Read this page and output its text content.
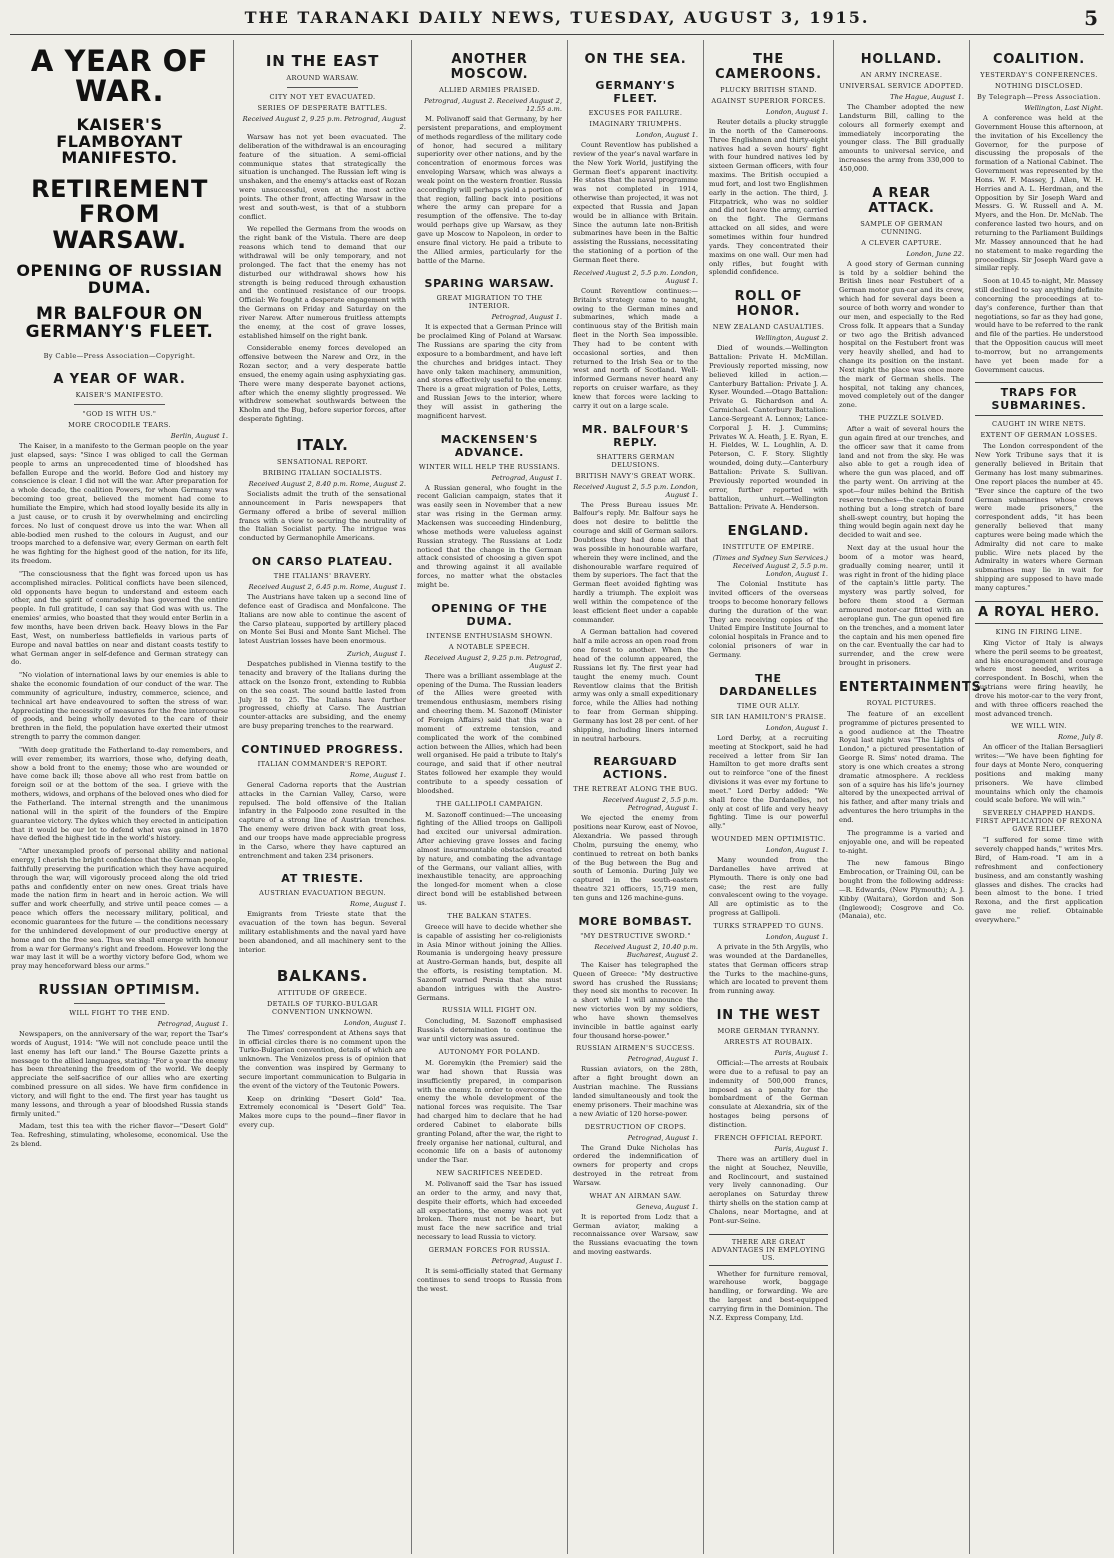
THE TARANAKI DAILY NEWS, TUESDAY, AUGUST 3, 1915.	5
A YEAR OF WAR.
KAISER'S FLAMBOYANT MANIFESTO.
RETIREMENT FROM WARSAW.
OPENING OF RUSSIAN DUMA.
MR BALFOUR ON GERMANY'S FLEET.
By Cable—Press Association—Copyright.
A YEAR OF WAR.
KAISER'S MANIFESTO.
"GOD IS WITH US."
MORE CROCODILE TEARS.
Berlin, August 1.

The Kaiser, in a manifesto to the German people on the year just elapsed, says: "Since I was obliged to call the German people to arms an unprecedented time of bloodshed has befallen Europe and the world. Before God and history my conscience is clear. I did not will the war. After preparation for a whole decade, the coalition Powers, for whom Germany was becoming too great, believed the moment had come to humiliate the Empire, which had stood loyally beside its ally in a just cause, or to crush it by overwhelming and encircling forces. No lust of conquest drove us into the war. When all able-bodied men rushed to the colours in August, and our troops marched to a defensive war, every German on earth felt he was fighting for the highest good of the nation, for its life, its freedom.

"The consciousness that the fight was forced upon us has accomplished miracles. Political conflicts have been silenced, old opponents have begun to understand and esteem each other, and the spirit of comradeship has governed the entire people. In full gratitude, I can say that God was with us. The enemies' armies, who boasted that they would enter Berlin in a few months, have been driven back. Heavy blows in the Far East, West, on numberless battlefields in various parts of Europe and naval battles on near and distant coasts testify to what German anger in self-defence and German strategy can do.

"No violation of international laws by our enemies is able to shake the economic foundation of our conduct of the war. The community of agriculture, industry, commerce, science, and technical art have endeavoured to soften the stress of war. Appreciating the necessity of measures for the free intercourse of goods, and being wholly devoted to the care of their brethren in the field, the population have exerted their utmost strength to parry the common danger.

"With deep gratitude the Fatherland to-day remembers, and will ever remember, its warriors, those who, defying death, show a bold front to the enemy; those who are wounded or have come back ill; those above all who rest from battle on foreign soil or at the bottom of the sea. I grieve with the mothers, widows, and orphans of the beloved ones who died for the Fatherland. The internal strength and the unanimous national will in the spirit of the founders of the Empire guarantee victory. The dykes which they erected in anticipation that it would be our lot to defend what was gained in 1870 have defied the highest tide in the world's history.

"After unexampled proofs of personal ability and national energy, I cherish the bright confidence that the German people, faithfully preserving the purification which they have acquired through the war, will vigorously proceed along the old tried paths and confidently enter on new ones. Great trials have made the nation firm in heart and in heroic action. We will suffer and work cheerfully, and strive until peace comes — a peace which offers the necessary military, political, and economic guarantees for the future — the conditions necessary for the unhindered development of our productive energy at home and on the free sea. Thus we shall emerge with honour from a war for Germany's right and freedom. However long the war may last it will be a worthy victory before God, whom we pray may henceforward bless our arms."

RUSSIAN OPTIMISM.
WILL FIGHT TO THE END.
Petrograd, August 1.

Newspapers, on the anniversary of the war, report the Tsar's words of August, 1914: "We will not conclude peace until the last enemy has left our land." The Bourse Gazette prints a message to the allied languages, stating: "For a year the enemy has been threatening the freedom of the world. We deeply appreciate the self-sacrifice of our allies who are exerting combined pressure on all sides. We have firm confidence in victory, and will fight to the end. The first year has taught us many lessons, and through a year of bloodshed Russia stands firmly united."

Madam, test this tea with the richer flavor—"Desert Gold" Tea. Refreshing, stimulating, wholesome, economical. Use the 2s blend.

IN THE EAST
AROUND WARSAW.
CITY NOT YET EVACUATED.
SERIES OF DESPERATE BATTLES.
Received August 2, 9.25 p.m. Petrograd, August 2.

Warsaw has not yet been evacuated. The deliberation of the withdrawal is an encouraging feature of the situation. A semi-official communique states that strategically the situation is unchanged. The Russian left wing is unshaken, and the enemy's attacks east of Rozan were unsuccessful, even at the most active points. The other front, affecting Warsaw in the west and south-west, is that of a stubborn conflict.

We repelled the Germans from the woods on the right bank of the Vistula. There are deep reasons which tend to demand that our withdrawal will be only temporary, and not prolonged. The fact that the enemy has not disturbed our withdrawal shows how his strength is being reduced through exhaustion and the continued resistance of our troops. Official: We fought a desperate engagement with the Germans on Friday and Saturday on the river Narew. After numerous fruitless attempts the enemy, at the cost of grave losses, established himself on the right bank.

Considerable enemy forces developed an offensive between the Narew and Orz, in the Rozan sector, and a very desperate battle ensued, the enemy again using asphyxiating gas. There were many desperate bayonet actions, after which the enemy slightly progressed. We withdrew somewhat southwards between the Kholm and the Bug, before superior forces, after desperate fighting.

ITALY.
SENSATIONAL REPORT.
BRIBING ITALIAN SOCIALISTS.
Received August 2, 8.40 p.m. Rome, August 2.

Socialists admit the truth of the sensational announcement in Paris newspapers that Germany offered a bribe of several million francs with a view to securing the neutrality of the Italian Socialist party. The intrigue was conducted by Germanophile Americans.

ON CARSO PLATEAU.
THE ITALIANS' BRAVERY.
Received August 2, 6.45 p.m. Rome, August 1.

The Austrians have taken up a second line of defence east of Gradisca and Monfalcone. The Italians are now able to continue the ascent of the Carso plateau, supported by artillery placed on Monte Sei Busi and Monte Sant Michel. The latest Austrian losses have been enormous.

Zurich, August 1.

Despatches published in Vienna testify to the tenacity and bravery of the Italians during the attack on the Isonzo front, extending to Rubbia on the sea coast. The sound battle lasted from July 18 to 25. The Italians have further progressed, chiefly at Carso. The Austrian counter-attacks are subsiding, and the enemy are busy preparing trenches to the rearward.

CONTINUED PROGRESS.
ITALIAN COMMANDER'S REPORT.
Rome, August 1.

General Cadorna reports that the Austrian attacks in the Carnian Valley, Carso, were repulsed. The bold offensive of the Italian infantry in the Falpoodo zone resulted in the capture of a strong line of Austrian trenches. The enemy were driven back with great loss, and our troops have made appreciable progress in the Carso, where they have captured an entrenchment and taken 234 prisoners.

AT TRIESTE.
AUSTRIAN EVACUATION BEGUN.
Rome, August 1.

Emigrants from Trieste state that the evacuation of the town has begun. Several military establishments and the naval yard have been abandoned, and all machinery sent to the interior.

BALKANS.
ATTITUDE OF GREECE.
DETAILS OF TURKO-BULGAR CONVENTION UNKNOWN.
London, August 1.

The Times' correspondent at Athens says that in official circles there is no comment upon the Turko-Bulgarian convention, details of which are unknown. The Venizelos press is of opinion that the convention was inspired by Germany to secure important communication to Bulgaria in the event of the victory of the Teutonic Powers.

Keep on drinking "Desert Gold" Tea. Extremely economical is "Desert Gold" Tea. Makes more cups to the pound—finer flavor in every cup.

ANOTHER MOSCOW.
ALLIED ARMIES PRAISED.
Petrograd, August 2. Received August 2, 12.55 a.m.

M. Polivanoff said that Germany, by her persistent preparations, and employment of methods regardless of the military code of honor, had secured a military superiority over other nations, and by the concentration of enormous forces was enveloping Warsaw, which was always a weak point on the western frontier. Russia accordingly will perhaps yield a portion of that region, falling back into positions where the army can prepare for a resumption of the offensive. The to-day would perhaps give up Warsaw, as they gave up Moscow to Napoleon, in order to ensure final victory. He paid a tribute to the Allied armies, particularly for the battle of the Marne.

SPARING WARSAW.
GREAT MIGRATION TO THE INTERIOR.
Petrograd, August 1.

It is expected that a German Prince will be proclaimed King of Poland at Warsaw. The Russians are sparing the city from exposure to a bombardment, and have left the churches and bridges intact. They have only taken machinery, ammunition, and stores effectively useful to the enemy. There is a great migration of Poles, Letts, and Russian Jews to the interior, where they will assist in gathering the magnificent harvest.

MACKENSEN'S ADVANCE.
WINTER WILL HELP THE RUSSIANS.
Petrograd, August 1.

A Russian general, who fought in the recent Galician campaign, states that it was easily seen in November that a new star was rising in the German army. Mackensen was succeeding Hindenburg, whose methods were valueless against Russian strategy. The Russians at Lodz noticed that the change in the German attack consisted of choosing a given spot and throwing against it all available forces, no matter what the obstacles might be.

OPENING OF THE DUMA.
INTENSE ENTHUSIASM SHOWN.
A NOTABLE SPEECH.
Received August 2, 9.25 p.m. Petrograd, August 2.

There was a brilliant assemblage at the opening of the Duma. The Russian leaders of the Allies were greeted with tremendous enthusiasm, members rising and cheering them. M. Sazonoff (Minister of Foreign Affairs) said that this war a moment of extreme tension, and complicated the work of the combined action between the Allies, which had been well organised. He paid a tribute to Italy's courage, and said that if other neutral States followed her example they would contribute to a speedy cessation of bloodshed.

THE GALLIPOLI CAMPAIGN.

M. Sazonoff continued:—The unceasing fighting of the Allied troops on Gallipoli had excited our universal admiration. After achieving grave losses and facing almost insurmountable obstacles created by nature, and combating the advantage of the Germans, our valiant allies, with inexhaustible tenacity, are approaching the longed-for moment when a close direct bond will be established between us.

THE BALKAN STATES.

Greece will have to decide whether she is capable of assisting her co-religionists in Asia Minor without joining the Allies. Roumania is undergoing heavy pressure at Austro-German hands, but, despite all the efforts, is resisting temptation. M. Sazonoff warned Persia that she must abandon intrigues with the Austro-Germans.

RUSSIA WILL FIGHT ON.

Concluding, M. Sazonoff emphasised Russia's determination to continue the war until victory was assured.

AUTONOMY FOR POLAND.

M. Goremykin (the Premier) said the war had shown that Russia was insufficiently prepared, in comparison with the enemy. In order to overcome the enemy the whole development of the national forces was requisite. The Tsar had charged him to declare that he had ordered Cabinet to elaborate bills granting Poland, after the war, the right to freely organise her national, cultural, and economic life on a basis of autonomy under the Tsar.

NEW SACRIFICES NEEDED.

M. Polivanoff said the Tsar has issued an order to the army, and navy that, despite their efforts, which had exceeded all expectations, the enemy was not yet broken. There must not be heart, but must face the new sacrifice and trial necessary to lead Russia to victory.

GERMAN FORCES FOR RUSSIA.
Petrograd, August 1.

It is semi-officially stated that Germany continues to send troops to Russia from the west.

ON THE SEA.
GERMANY'S FLEET.
EXCUSES FOR FAILURE.
IMAGINARY TRIUMPHS.
London, August 1.

Count Reventlow has published a review of the year's naval warfare in the New York World, justifying the German fleet's apparent inactivity. He states that the naval programme was not completed in 1914, otherwise than projected, it was not expected that Russia and Japan would be in alliance with Britain. Since the autumn late non-British submarines have been in the Baltic assisting the Russians, necessitating the stationing of a portion of the German fleet there.

Received August 2, 5.5 p.m. London, August 1.

Count Reventlow continues:—Britain's strategy came to naught, owing to the German mines and submarines, which made a continuous stay of the British main fleet in the North Sea impossible. They had to be content with occasional sorties, and then returned to the Irish Sea or to the west and north of Scotland. Well-informed Germans never heard any reports on cruiser warfare, as they knew that forces were lacking to carry it out on a large scale.

MR. BALFOUR'S REPLY.
SHATTERS GERMAN DELUSIONS.
BRITISH NAVY'S GREAT WORK.
Received August 2, 5.5 p.m. London, August 1.

The Press Bureau issues Mr. Balfour's reply. Mr. Balfour says he does not desire to belittle the courage and skill of German sailors. Doubtless they had done all that was possible in honourable warfare, wherein they were inclined, and the dishonourable warfare required of them by superiors. The fact that the German fleet avoided fighting was hardly a triumph. The exploit was well within the competence of the least efficient fleet under a capable commander.

A German battalion had covered half a mile across an open road from one forest to another. When the head of the column appeared, the Russians let fly. The first year had taught the enemy much. Count Reventlow claims that the British army was only a small expeditionary force, while the Allies had nothing to fear from German shipping. Germany has lost 28 per cent. of her shipping, including liners interned in neutral harbours.

REARGUARD ACTIONS.
THE RETREAT ALONG THE BUG.
Received August 2, 5.5 p.m. Petrograd, August 1.

We ejected the enemy from positions near Kurow, east of Novoe, Alexandria. We passed through Cholm, pursuing the enemy, who continued to retreat on both banks of the Bug between the Bug and south of Lemonia. During July we captured in the south-eastern theatre 321 officers, 15,719 men, ten guns and 126 machine-guns.

MORE BOMBAST.
"MY DESTRUCTIVE SWORD."
Received August 2, 10.40 p.m. Bucharest, August 2.

The Kaiser has telegraphed the Queen of Greece: "My destructive sword has crushed the Russians; they need six months to recover. In a short while I will announce the new victories won by my soldiers, who have shown themselves invincible in battle against early four thousand horse-power."

RUSSIAN AIRMEN'S SUCCESS.
Petrograd, August 1.

Russian aviators, on the 28th, after a fight brought down an Austrian machine. The Russians landed simultaneously and took the enemy prisoners. Their machine was a new Aviatic of 120 horse-power.

DESTRUCTION OF CROPS.
Petrograd, August 1.

The Grand Duke Nicholas has ordered the indemnification of owners for property and crops destroyed in the retreat from Warsaw.

WHAT AN AIRMAN SAW.
Geneva, August 1.

It is reported from Lodz that a German aviator, making a reconnaissance over Warsaw, saw the Russians evacuating the town and moving eastwards.

THE CAMEROONS.
PLUCKY BRITISH STAND.
AGAINST SUPERIOR FORCES.
London, August 1.

Reuter details a plucky struggle in the north of the Cameroons. Three Englishmen and thirty-eight natives had a seven hours' fight with four hundred natives led by sixteen German officers, with four maxims. The British occupied a mud fort, and lost two Englishmen early in the action. The third, J. Fitzpatrick, who was no soldier and did not leave the army, carried on the fight. The Germans attacked on all sides, and were sometimes within four hundred yards. They concentrated their maxims on one wall. Our men had only rifles, but fought with splendid confidence.

ROLL OF HONOR.
NEW ZEALAND CASUALTIES.
Wellington, August 2.

Died of wounds.—Wellington Battalion: Private H. McMillan. Previously reported missing, now believed killed in action.—Canterbury Battalion: Private J. A. Kyser. Wounded.—Otago Battalion: Private G. Richardson and A. Carmichael. Canterbury Battalion: Lance-Sergeant A. Lennox; Lance-Corporal J. H. J. Cummins; Privates W. A. Heath, J. E. Ryan, E. H. Fieldes, W. L. Loughlin, A. D. Peterson, C. F. Story. Slightly wounded, doing duty.—Canterbury Battalion: Private S. Sullivan. Previously reported wounded in error, further reported with battalion, unhurt.—Wellington Battalion: Private A. Henderson.

ENGLAND.
INSTITUTE OF EMPIRE.
(Times and Sydney Sun Services.) Received August 2, 5.5 p.m. London, August 1.

The Colonial Institute has invited officers of the overseas troops to become honorary fellows during the duration of the war. They are receiving copies of the United Empire Institute Journal to colonial hospitals in France and to colonial prisoners of war in Germany.

THE DARDANELLES
TIME OUR ALLY.
SIR IAN HAMILTON'S PRAISE.
London, August 1.

Lord Derby, at a recruiting meeting at Stockport, said he had received a letter from Sir Ian Hamilton to get more drafts sent out to reinforce "one of the finest divisions it was ever my fortune to meet." Lord Derby added: "We shall force the Dardanelles, not only at cost of life and very heavy fighting. Time is our powerful ally."

WOUNDED MEN OPTIMISTIC.
London, August 1.

Many wounded from the Dardanelles have arrived at Plymouth. There is only one bad case; the rest are fully convalescent owing to the voyage. All are optimistic as to the progress at Gallipoli.

TURKS STRAPPED TO GUNS.
London, August 1.

A private in the 5th Argylls, who was wounded at the Dardanelles, states that German officers strap the Turks to the machine-guns, which are located to prevent them from running away.

IN THE WEST
MORE GERMAN TYRANNY.
ARRESTS AT ROUBAIX.
Paris, August 1.

Official:—The arrests at Roubaix were due to a refusal to pay an indemnity of 500,000 francs, imposed as a penalty for the bombardment of the German consulate at Alexandria, six of the hostages being persons of distinction.

FRENCH OFFICIAL REPORT.
Paris, August 1.

There was an artillery duel in the night at Souchez, Neuville, and Roclincourt, and sustained very lively cannonading. Our aeroplanes on Saturday threw thirty shells on the station camp at Chalons, near Mortagne, and at Pont-sur-Seine.

THERE ARE GREAT ADVANTAGES IN EMPLOYING US.

Whether for furniture removal, warehouse work, baggage handling, or forwarding. We are the largest and best-equipped carrying firm in the Dominion. The N.Z. Express Company, Ltd.

HOLLAND.
AN ARMY INCREASE.
UNIVERSAL SERVICE ADOPTED.
The Hague, August 1.

The Chamber adopted the new Landsturm Bill, calling to the colours all formerly exempt and immediately incorporating the younger class. The Bill gradually amounts to universal service, and increases the army from 330,000 to 450,000.

A REAR ATTACK.
SAMPLE OF GERMAN CUNNING.
A CLEVER CAPTURE.
London, June 22.

A good story of German cunning is told by a soldier behind the British lines near Festubert of a German motor gun-car and its crew, which had for several days been a source of both worry and wonder to our men, and especially to the Red Cross folk. It appears that a Sunday or two ago the British advanced hospital on the Festubert front was very heavily shelled, and had to change its position on the instant. Next night the place was once more the mark of German shells. The hospital, not taking any chances, moved completely out of the danger zone.

THE PUZZLE SOLVED.

After a wait of several hours the gun again fired at our trenches, and the officer saw that it came from land and not from the sky. He was also able to get a rough idea of where the gun was placed, and off the party went. On arriving at the spot—four miles behind the British reserve trenches—the captain found nothing but a long stretch of bare shell-swept country, but hoping the thing would begin again next day he decided to wait and see.

Next day at the usual hour the boom of a motor was heard, gradually coming nearer, until it was right in front of the hiding place of the captain's little party. The mystery was partly solved, for before them stood a German armoured motor-car fitted with an aeroplane gun. The gun opened fire on the trenches, and a moment later the captain and his men opened fire on the car. Eventually the car had to surrender, and the crew were brought in prisoners.

ENTERTAINMENTS.
ROYAL PICTURES.

The feature of an excellent programme of pictures presented to a good audience at the Theatre Royal last night was "The Lights of London," a pictured presentation of George R. Sims' noted drama. The story is one which creates a strong dramatic atmosphere. A reckless son of a squire has his life's journey altered by the unexpected arrival of his father, and after many trials and adventures the hero triumphs in the end.

The programme is a varied and enjoyable one, and will be repeated to-night.

The new famous Bingo Embrocation, or Training Oil, can be bought from the following address:—R. Edwards, (New Plymouth); A. J. Kibby (Waitara), Gordon and Son (Inglewood); Cosgrove and Co. (Manaia), etc.

COALITION.
YESTERDAY'S CONFERENCES.
NOTHING DISCLOSED.
By Telegraph—Press Association.
Wellington, Last Night.

A conference was held at the Government House this afternoon, at the invitation of his Excellency the Governor, for the purpose of discussing the proposals of the formation of a National Cabinet. The Government was represented by the Hons. W. F. Massey, J. Allen, W. H. Herries and A. L. Herdman, and the Opposition by Sir Joseph Ward and Messrs. G. W. Russell and A. M. Myers, and the Hon. Dr. McNab. The conference lasted two hours, and on returning to the Parliament Buildings Mr. Massey announced that he had no statement to make regarding the proceedings. Sir Joseph Ward gave a similar reply.

Soon at 10.45 to-night, Mr. Massey still declined to say anything definite concerning the proceedings at to-day's conference, further than that negotiations, so far as they had gone, would have to be referred to the rank and file of the parties. He understood that the Opposition caucus will meet to-morrow, but no arrangements have yet been made for a Government caucus.

TRAPS FOR SUBMARINES.
CAUGHT IN WIRE NETS.
EXTENT OF GERMAN LOSSES.

The London correspondent of the New York Tribune says that it is generally believed in Britain that Germany has lost many submarines. One report places the number at 45. "Ever since the capture of the two German submarines whose crews were made prisoners," the correspondent adds, "it has been generally believed that many captures were being made which the Admiralty did not care to make public. Wire nets placed by the Admiralty in waters where German submarines may lie in wait for shipping are supposed to have made many captures."

A ROYAL HERO.
KING IN FIRING LINE.

King Victor of Italy is always where the peril seems to be greatest, and his encouragement and courage where most needed, writes a correspondent. In Boschi, when the Austrians were firing heavily, he drove his motor-car to the very front, and with three officers reached the most advanced trench.

WE WILL WIN.
Rome, July 8.

An officer of the Italian Bersaglieri writes:—"We have been fighting for four days at Monte Nero, conquering positions and making many prisoners. We have climbed mountains which only the chamois could scale before. We will win."

SEVERELY CHAPPED HANDS. FIRST APPLICATION OF REXONA GAVE RELIEF.

"I suffered for some time with severely chapped hands," writes Mrs. Bird, of Ham-road. "I am in a refreshment and confectionery business, and am constantly washing glasses and dishes. The cracks had been almost to the bone. I tried Rexona, and the first application gave me relief. Obtainable everywhere."
